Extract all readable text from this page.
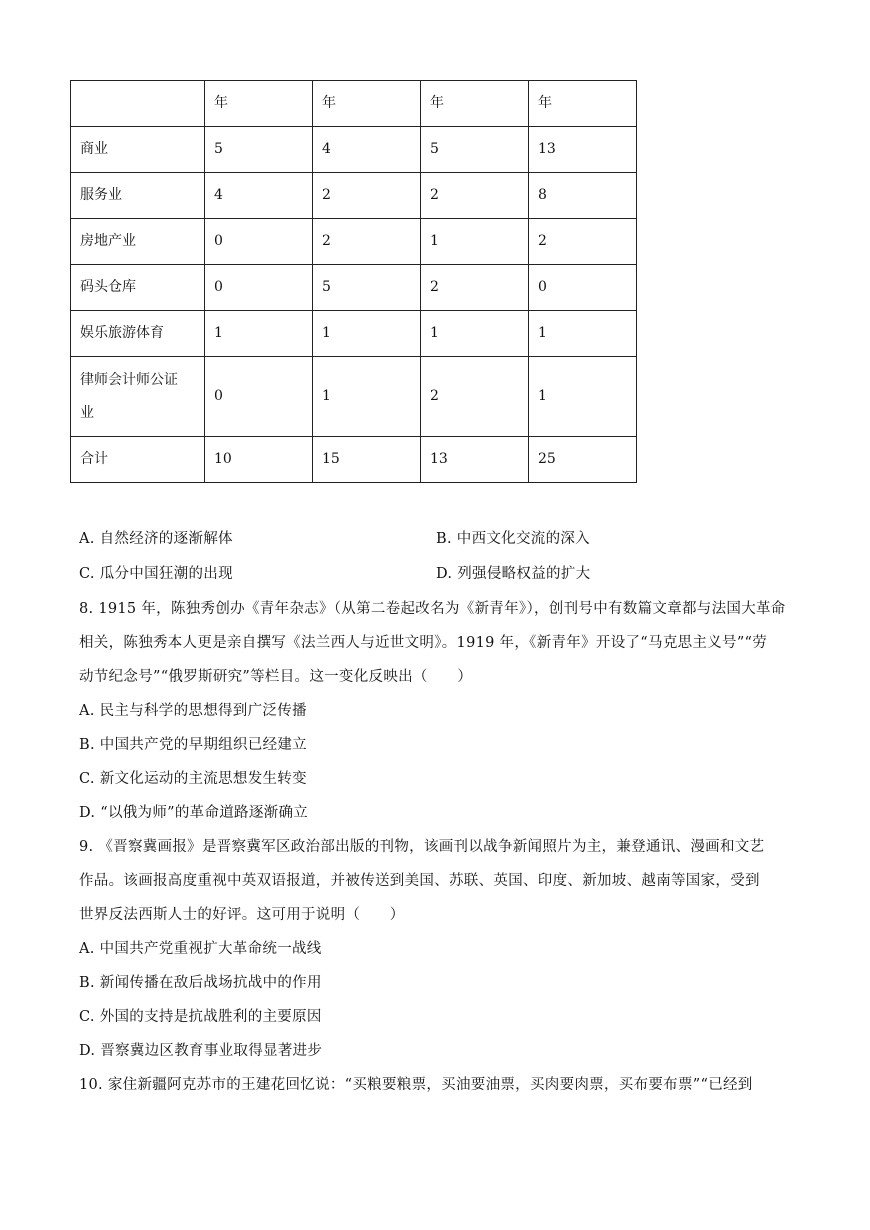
	年	年	年	年
商业	5	4	5	13
服务业	4	2	2	8
房地产业	0	2	1	2
码头仓库	0	5	2	0
娱乐旅游体育	1	1	1	1

律师会计师公证
业	0	1	2	1
合计	10	15	13	25
A. 自然经济的逐渐解体	B. 中西文化交流的深入
C. 瓜分中国狂潮的出现	D. 列强侵略权益的扩大
8. 1915 年，陈独秀创办《青年杂志》（从第二卷起改名为《新青年》），创刊号中有数篇文章都与法国大革命
相关，陈独秀本人更是亲自撰写《法兰西人与近世文明》。1919 年，《新青年》开设了“马克思主义号”“劳
动节纪念号”“俄罗斯研究”等栏目。这一变化反映出（　　）
A. 民主与科学的思想得到广泛传播
B. 中国共产党的早期组织已经建立
C. 新文化运动的主流思想发生转变
D. “以俄为师”的革命道路逐渐确立
9. 《晋察冀画报》是晋察冀军区政治部出版的刊物，该画刊以战争新闻照片为主，兼登通讯、漫画和文艺
作品。该画报高度重视中英双语报道，并被传送到美国、苏联、英国、印度、新加坡、越南等国家，受到
世界反法西斯人士的好评。这可用于说明（　　）
A. 中国共产党重视扩大革命统一战线
B. 新闻传播在敌后战场抗战中的作用
C. 外国的支持是抗战胜利的主要原因
D. 晋察冀边区教育事业取得显著进步
10. 家住新疆阿克苏市的王建花回忆说：“买粮要粮票，买油要油票，买肉要肉票，买布要布票”“已经到
